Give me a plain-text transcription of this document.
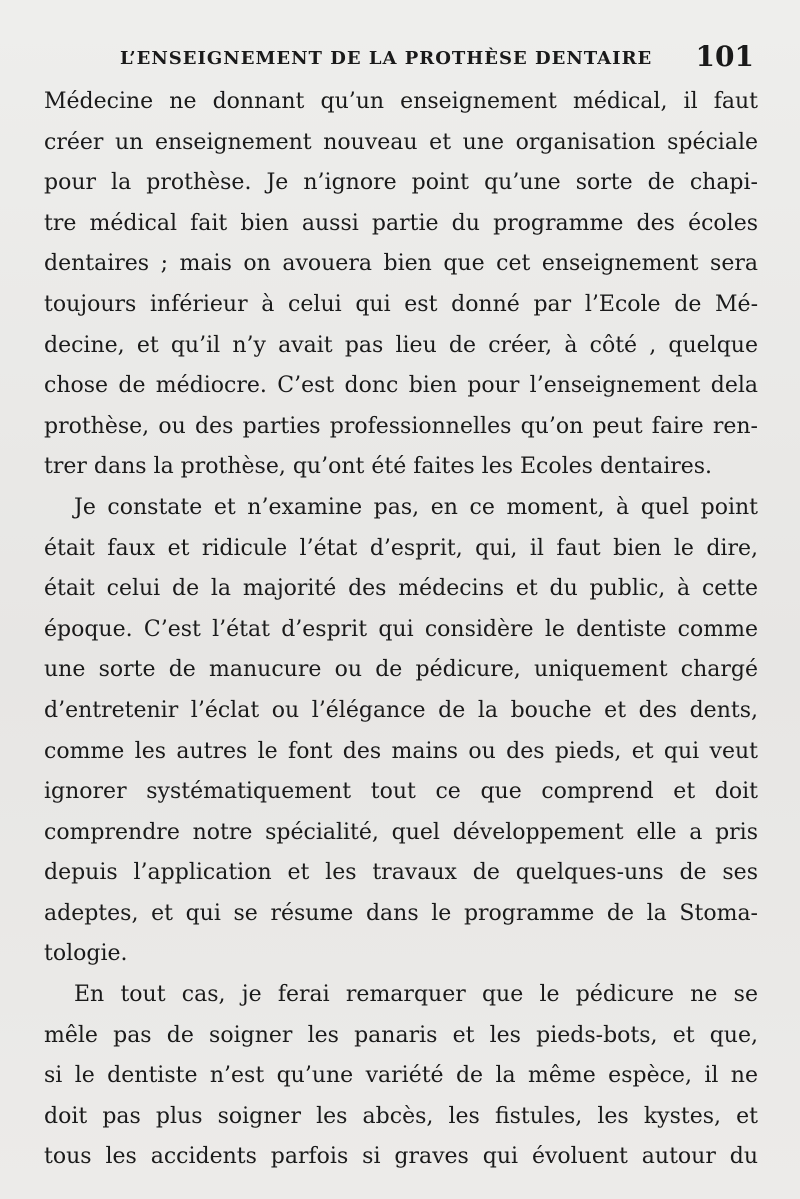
L’ENSEIGNEMENT DE LA PROTHÈSE DENTAIRE 101
Médecine ne donnant qu’un enseignement médical, il faut
créer un enseignement nouveau et une organisation spéciale
pour la prothèse. Je n’ignore point qu’une sorte de chapi-
tre médical fait bien aussi partie du programme des écoles
dentaires ; mais on avouera bien que cet enseignement sera
toujours inférieur à celui qui est donné par l’Ecole de Mé-
decine, et qu’il n’y avait pas lieu de créer, à côté , quelque
chose de médiocre. C’est donc bien pour l’enseignement dela
prothèse, ou des parties professionnelles qu’on peut faire ren-
trer dans la prothèse, qu’ont été faites les Ecoles dentaires.
Je constate et n’examine pas, en ce moment, à quel point
était faux et ridicule l’état d’esprit, qui, il faut bien le dire,
était celui de la majorité des médecins et du public, à cette
époque. C’est l’état d’esprit qui considère le dentiste comme
une sorte de manucure ou de pédicure, uniquement chargé
d’entretenir l’éclat ou l’élégance de la bouche et des dents,
comme les autres le font des mains ou des pieds, et qui veut
ignorer systématiquement tout ce que comprend et doit
comprendre notre spécialité, quel développement elle a pris
depuis l’application et les travaux de quelques-uns de ses
adeptes, et qui se résume dans le programme de la Stoma-
tologie.
En tout cas, je ferai remarquer que le pédicure ne se
mêle pas de soigner les panaris et les pieds-bots, et que,
si le dentiste n’est qu’une variété de la même espèce, il ne
doit pas plus soigner les abcès, les fistules, les kystes, et
tous les accidents parfois si graves qui évoluent autour du
